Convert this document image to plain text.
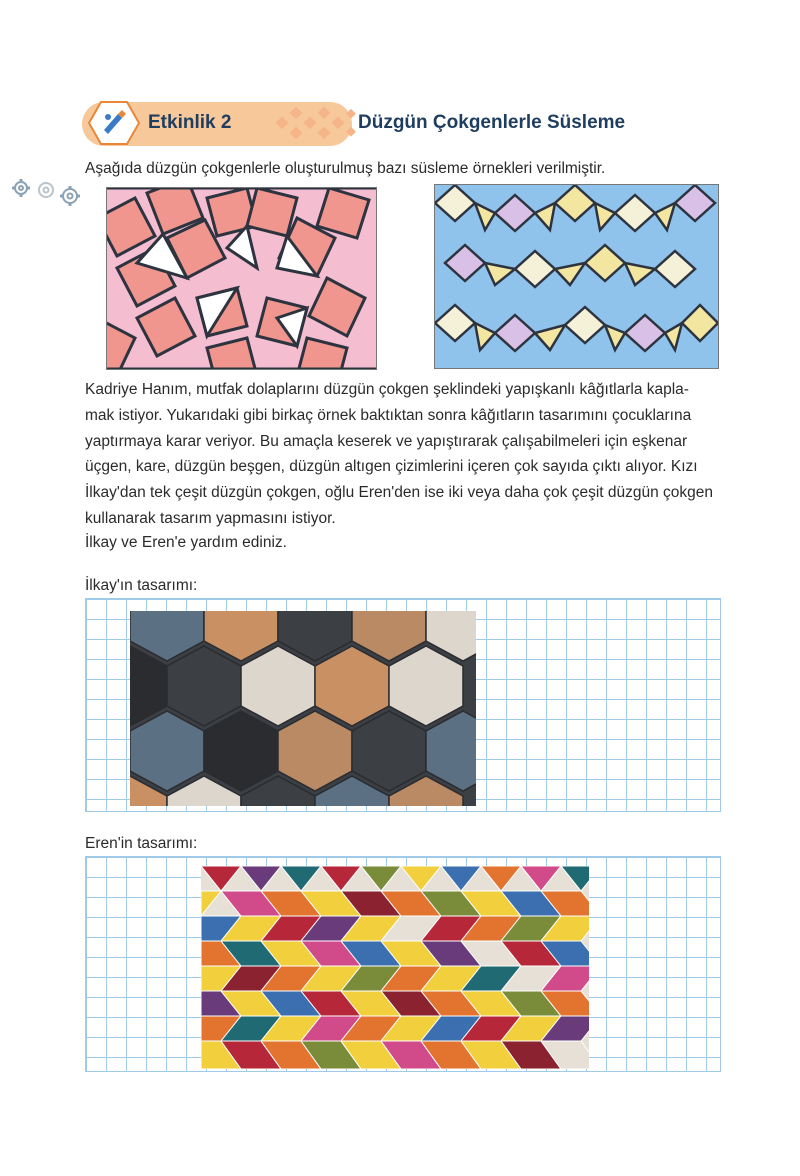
Etkinlik 2	Düzgün Çokgenlerle Süsleme
Aşağıda düzgün çokgenlerle oluşturulmuş bazı süsleme örnekleri verilmiştir.

Kadriye Hanım, mutfak dolaplarını düzgün çokgen şeklindeki yapışkanlı kâğıtlarla kapla-

mak istiyor. Yukarıdaki gibi birkaç örnek baktıktan sonra kâğıtların tasarımını çocuklarına

yaptırmaya karar veriyor. Bu amaçla keserek ve yapıştırarak çalışabilmeleri için eşkenar

üçgen, kare, düzgün beşgen, düzgün altıgen çizimlerini içeren çok sayıda çıktı alıyor. Kızı

İlkay'dan tek çeşit düzgün çokgen, oğlu Eren'den ise iki veya daha çok çeşit düzgün çokgen

kullanarak tasarım yapmasını istiyor.

İlkay ve Eren'e yardım ediniz.
İlkay'ın tasarımı:
Eren'in tasarımı:
